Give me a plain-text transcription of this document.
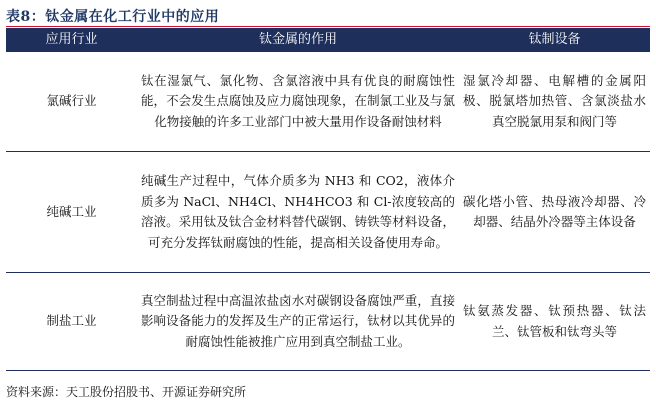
表8：钛金属在化工行业中的应用
应用行业	钛金属的作用	钛制设备
氯碱行业	钛在湿氯气、氯化物、含氯溶液中具有优良的耐腐蚀性能，不会发生点腐蚀及应力腐蚀现象，在制氯工业及与氯化物接触的许多工业部门中被大量用作设备耐蚀材料	湿氯冷却器、电解槽的金属阳极、脱氯塔加热管、含氯淡盐水真空脱氯用泵和阀门等
纯碱工业	纯碱生产过程中，气体介质多为 NH3 和 CO2，液体介质多为 NaCl、NH4Cl、NH4HCO3 和 Cl-浓度较高的溶液。采用钛及钛合金材料替代碳钢、铸铁等材料设备，可充分发挥钛耐腐蚀的性能，提高相关设备使用寿命。	碳化塔小管、热母液冷却器、冷却器、结晶外冷器等主体设备
制盐工业	真空制盐过程中高温浓盐卤水对碳钢设备腐蚀严重，直接影响设备能力的发挥及生产的正常运行，钛材以其优异的耐腐蚀性能被推广应用到真空制盐工业。	钛氨蒸发器、钛预热器、钛法兰、钛管板和钛弯头等
资料来源：天工股份招股书、开源证券研究所
